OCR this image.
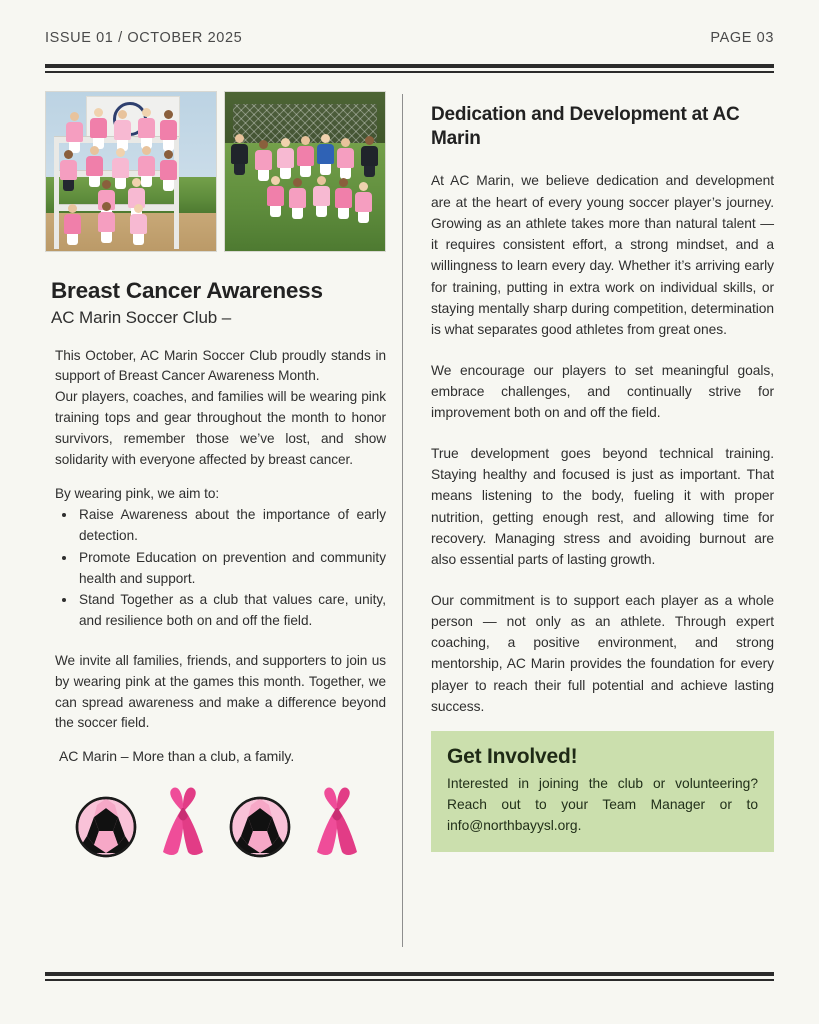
ISSUE 01 / OCTOBER 2025	PAGE 03
Breast Cancer Awareness
AC Marin Soccer Club –

This October, AC Marin Soccer Club proudly stands in support of Breast Cancer Awareness Month.

Our players, coaches, and families will be wearing pink training tops and gear throughout the month to honor survivors, remember those we’ve lost, and show solidarity with everyone affected by breast cancer.

By wearing pink, we aim to:

• Raise Awareness about the importance of early detection.
• Promote Education on prevention and community health and support.
• Stand Together as a club that values care, unity, and resilience both on and off the field.

We invite all families, friends, and supporters to join us by wearing pink at the games this month. Together, we can spread awareness and make a difference beyond the soccer field.

AC Marin – More than a club, a family.
Dedication and Development at AC Marin

At AC Marin, we believe dedication and development are at the heart of every young soccer player’s journey. Growing as an athlete takes more than natural talent — it requires consistent effort, a strong mindset, and a willingness to learn every day. Whether it’s arriving early for training, putting in extra work on individual skills, or staying mentally sharp during competition, determination is what separates good athletes from great ones.

We encourage our players to set meaningful goals, embrace challenges, and continually strive for improvement both on and off the field.

True development goes beyond technical training. Staying healthy and focused is just as important. That means listening to the body, fueling it with proper nutrition, getting enough rest, and allowing time for recovery. Managing stress and avoiding burnout are also essential parts of lasting growth.

Our commitment is to support each player as a whole person — not only as an athlete. Through expert coaching, a positive environment, and strong mentorship, AC Marin provides the foundation for every player to reach their full potential and achieve lasting success.

Get Involved!

Interested in joining the club or volunteering? Reach out to your Team Manager or to info@northbayysl.org.
